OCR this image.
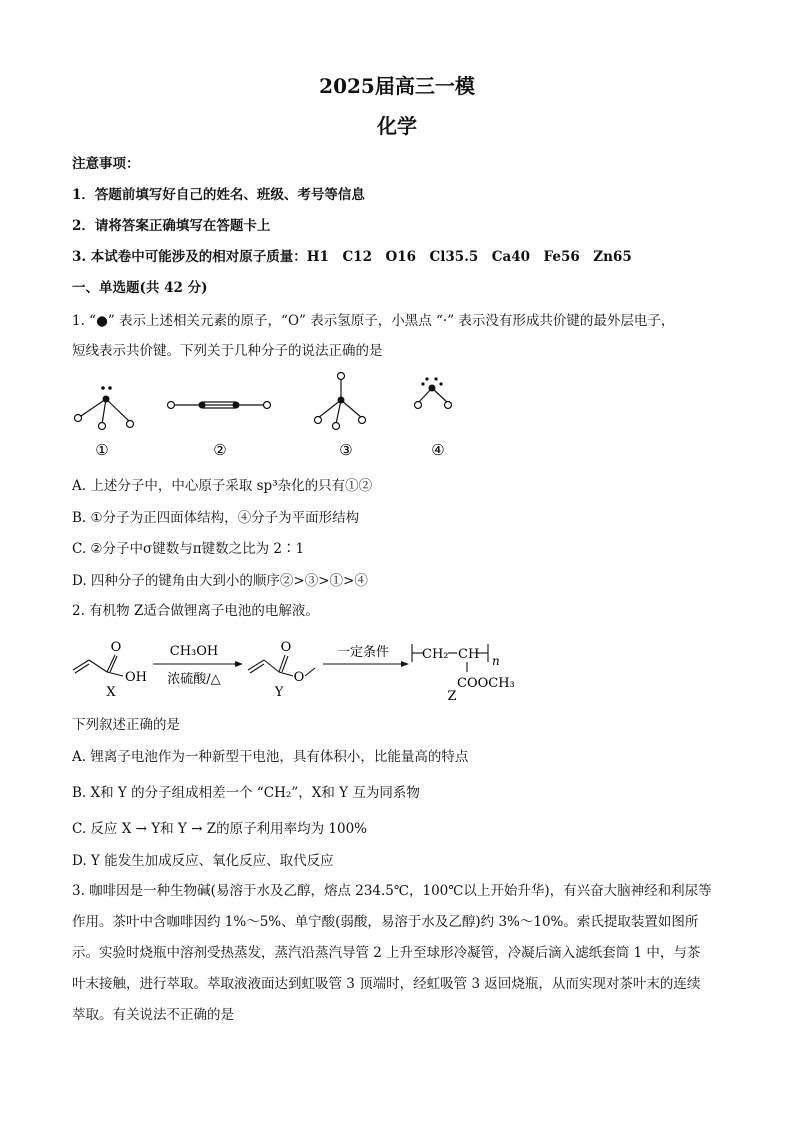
2025届高三一模
化学
注意事项：
1．答题前填写好自己的姓名、班级、考号等信息
2．请将答案正确填写在答题卡上
3. 本试卷中可能涉及的相对原子质量：H1　C12　O16　Cl35.5　Ca40　Fe56　Zn65
一、单选题(共 42 分)
1. “●” 表示上述相关元素的原子，“O” 表示氢原子，小黑点 “·” 表示没有形成共价键的最外层电子，
短线表示共价键。下列关于几种分子的说法正确的是
①	②	③	④
A. 上述分子中，中心原子采取 sp³杂化的只有①②
B. ①分子为正四面体结构，④分子为平面形结构
C. ②分子中σ键数与π键数之比为 2∶1
D. 四种分子的键角由大到小的顺序②>③>①>④
2. 有机物 Z适合做锂离子电池的电解液。
O
OH
X
CH₃OH
浓硫酸/△
O
O
Y
一定条件	CH₂ CH n
COOCH₃
Z
下列叙述正确的是
A. 锂离子电池作为一种新型干电池，具有体积小，比能量高的特点
B. X和 Y 的分子组成相差一个 “CH₂”，X和 Y 互为同系物
C. 反应 X → Y和 Y → Z的原子利用率均为 100%
D. Y 能发生加成反应、氧化反应、取代反应
3. 咖啡因是一种生物碱(易溶于水及乙醇，熔点 234.5℃，100℃以上开始升华)，有兴奋大脑神经和利尿等
作用。茶叶中含咖啡因约 1%～5%、单宁酸(弱酸，易溶于水及乙醇)约 3%～10%。索氏提取装置如图所
示。实验时烧瓶中溶剂受热蒸发，蒸汽沿蒸汽导管 2 上升至球形冷凝管，冷凝后滴入滤纸套筒 1 中，与茶
叶末接触，进行萃取。萃取液液面达到虹吸管 3 顶端时，经虹吸管 3 返回烧瓶，从而实现对茶叶末的连续
萃取。有关说法不正确的是
